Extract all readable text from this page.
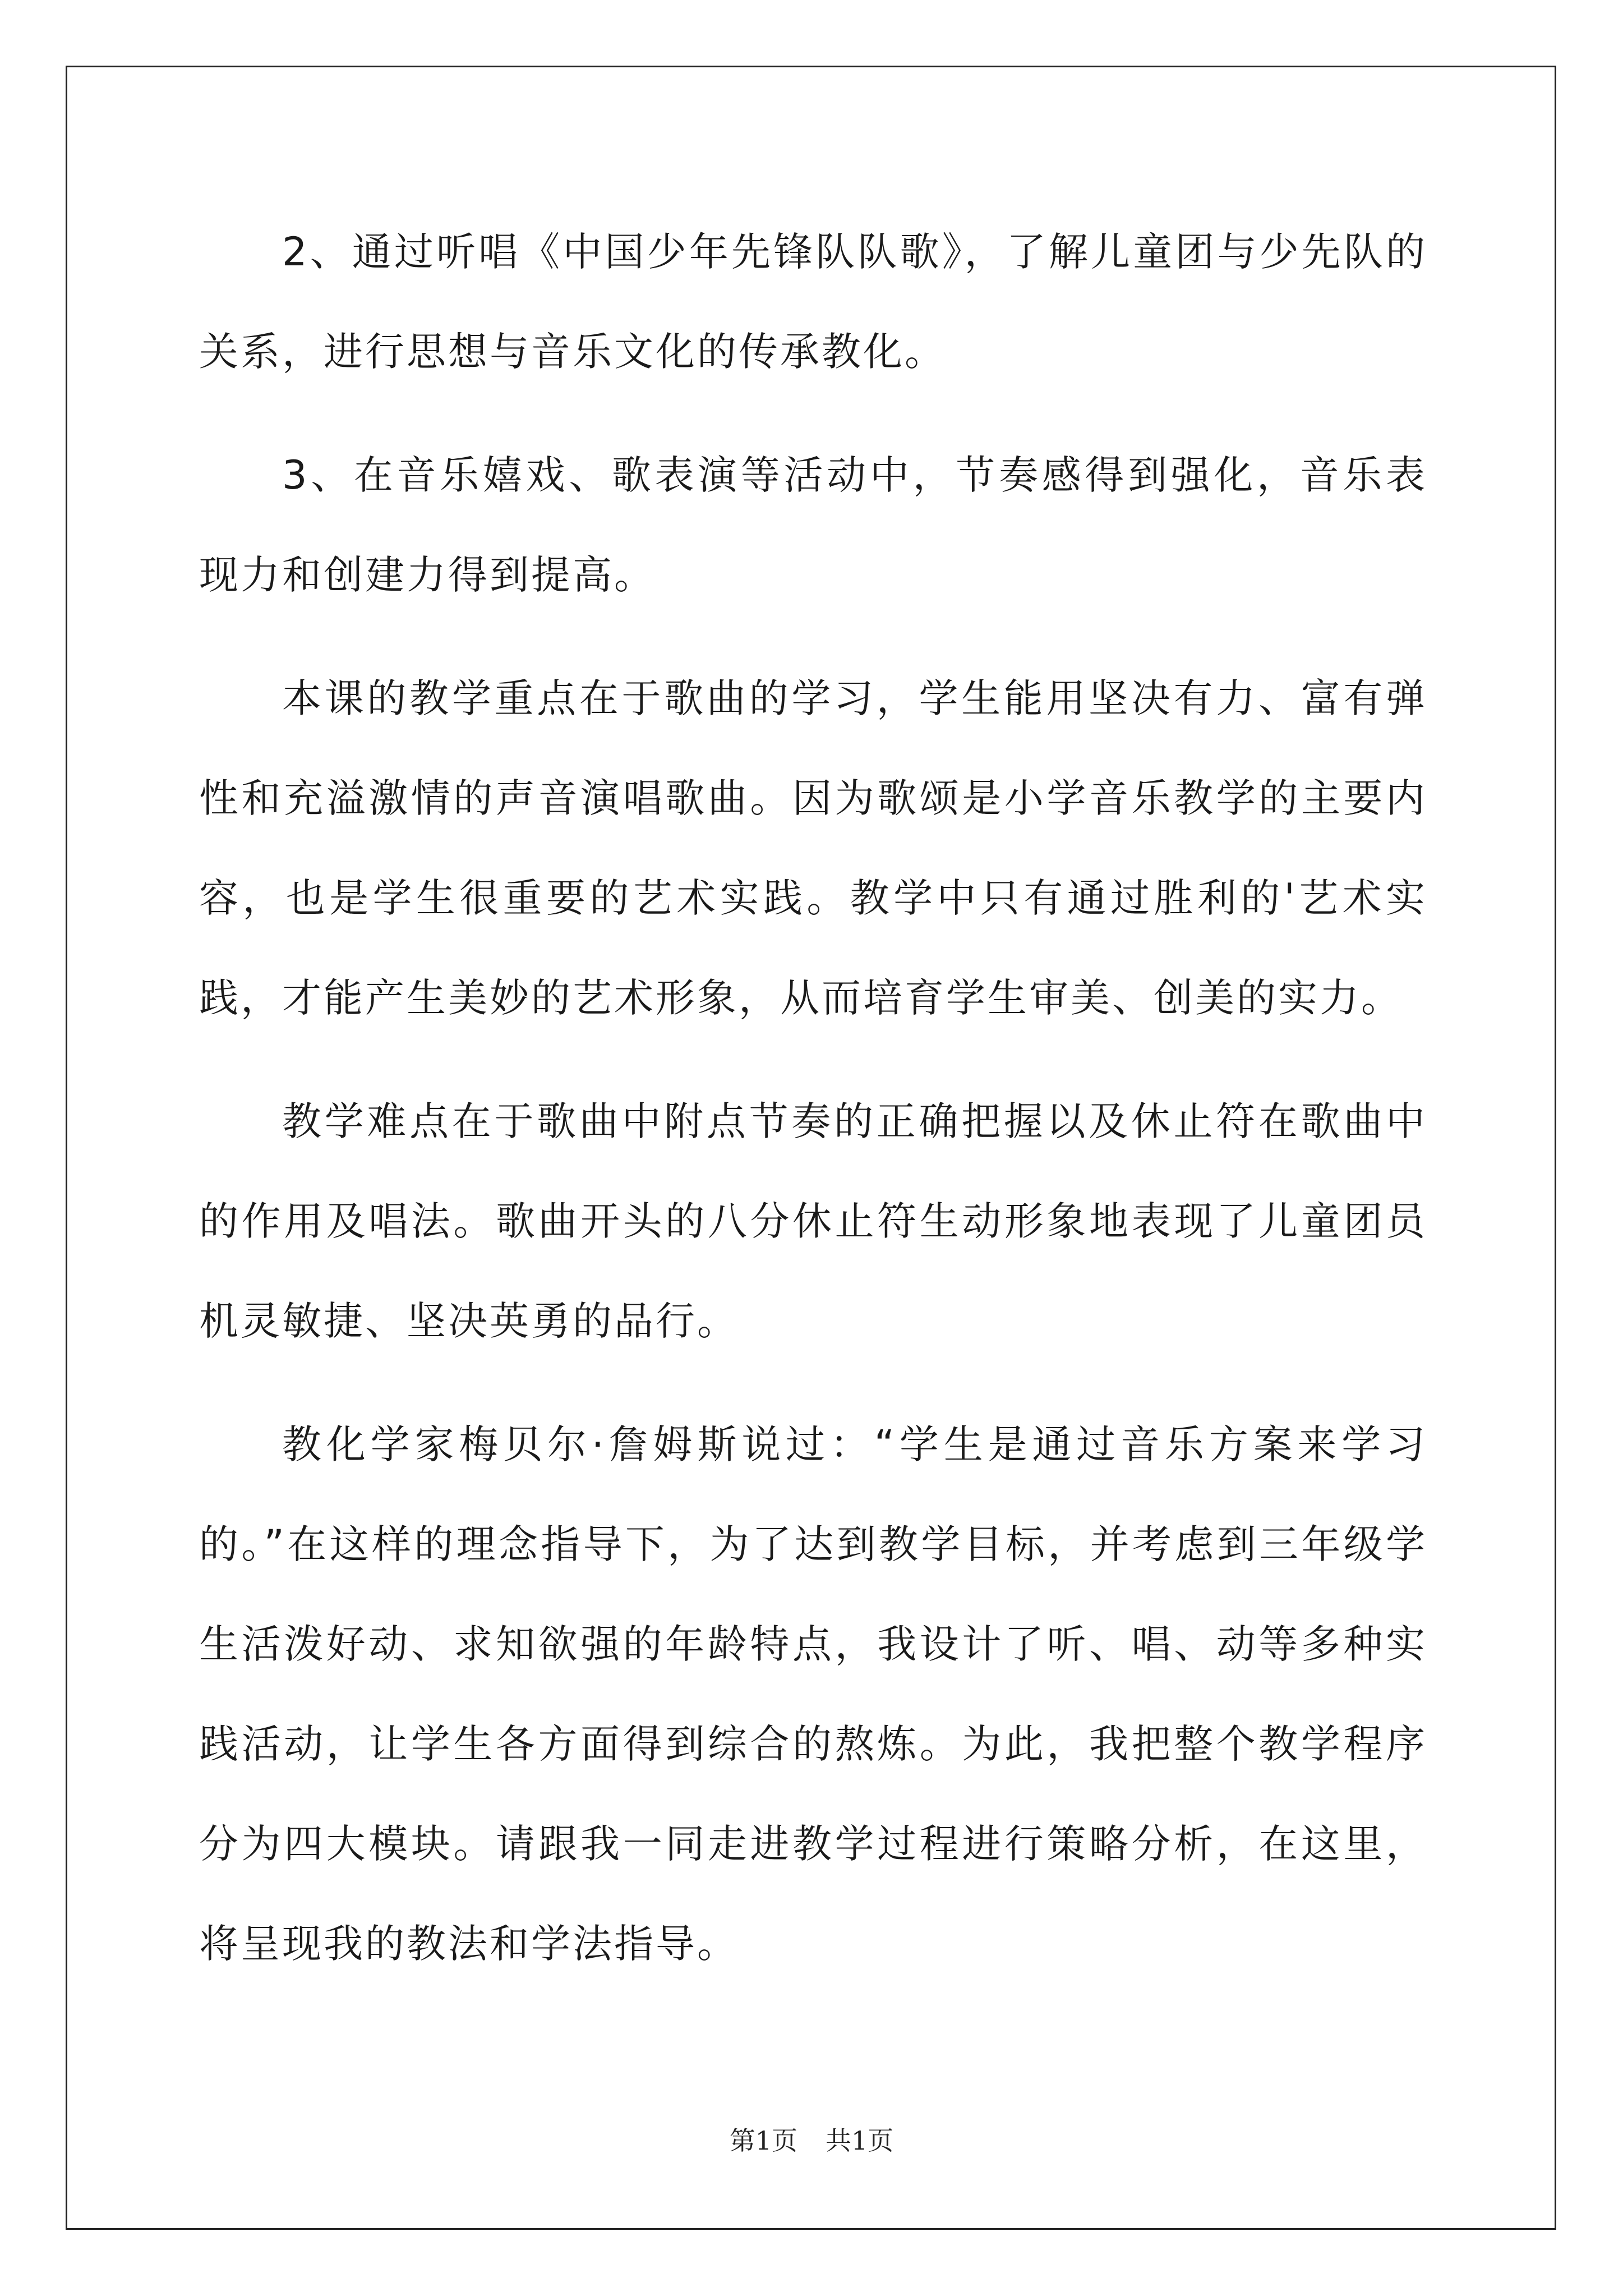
2、通过听唱《中国少年先锋队队歌》，了解儿童团与少先队的关系，进行思想与音乐文化的传承教化。

3、在音乐嬉戏、歌表演等活动中，节奏感得到强化，音乐表现力和创建力得到提高。

本课的教学重点在于歌曲的学习，学生能用坚决有力、富有弹性和充溢激情的声音演唱歌曲。因为歌颂是小学音乐教学的主要内容，也是学生很重要的艺术实践。教学中只有通过胜利的'艺术实践，才能产生美妙的艺术形象，从而培育学生审美、创美的实力。

教学难点在于歌曲中附点节奏的正确把握以及休止符在歌曲中的作用及唱法。歌曲开头的八分休止符生动形象地表现了儿童团员机灵敏捷、坚决英勇的品行。

教化学家梅贝尔·詹姆斯说过：“学生是通过音乐方案来学习的。”在这样的理念指导下，为了达到教学目标，并考虑到三年级学生活泼好动、求知欲强的年龄特点，我设计了听、唱、动等多种实践活动，让学生各方面得到综合的熬炼。为此，我把整个教学程序分为四大模块。请跟我一同走进教学过程进行策略分析，在这里，将呈现我的教法和学法指导。

第1页 共1页
